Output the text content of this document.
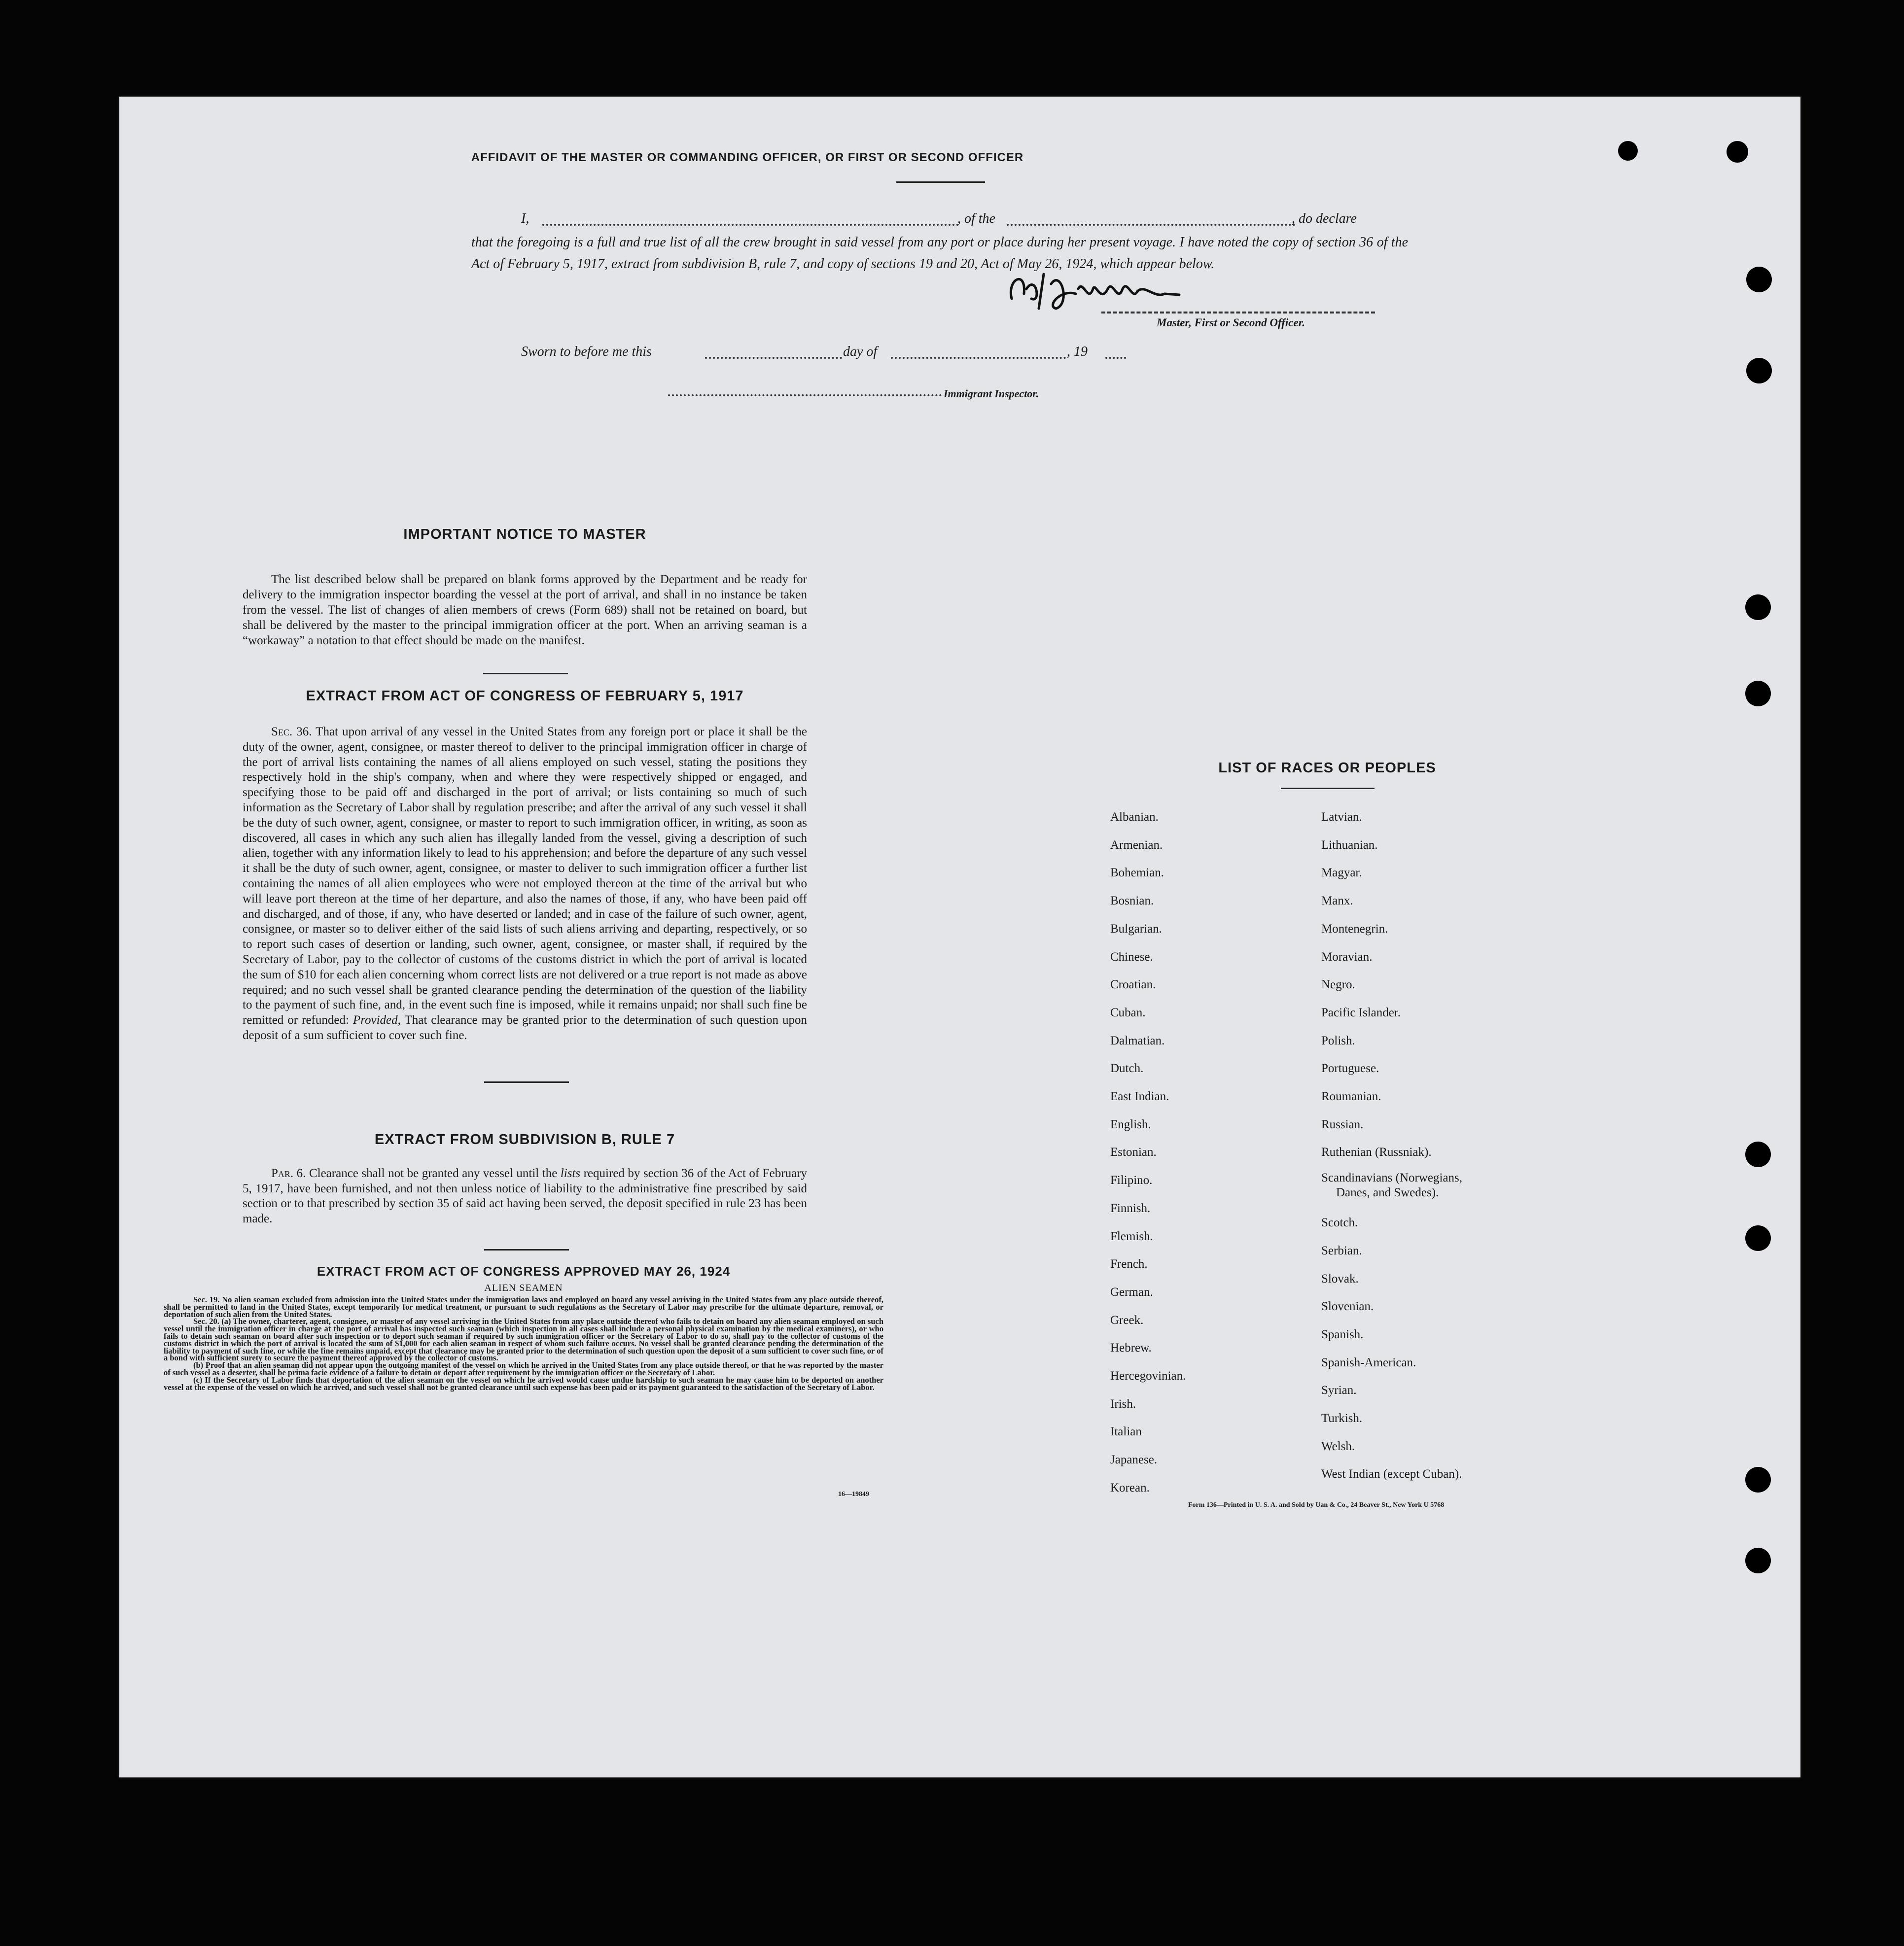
AFFIDAVIT OF THE MASTER OR COMMANDING OFFICER, OR FIRST OR SECOND OFFICER
I,	, of the	, do declare
that the foregoing is a full and true list of all the crew brought in said vessel from any port or place during her present voyage. I have noted the copy of section 36 of the Act of February 5, 1917, extract from subdivision B, rule 7, and copy of sections 19 and 20, Act of May 26, 1924, which appear below.
Master, First or Second Officer.
Sworn to before me this	day of	, 19
Immigrant Inspector.
IMPORTANT NOTICE TO MASTER
The list described below shall be prepared on blank forms approved by the Department and be ready for delivery to the immigration inspector boarding the vessel at the port of arrival, and shall in no instance be taken from the vessel. The list of changes of alien members of crews (Form 689) shall not be retained on board, but shall be delivered by the master to the principal immigration officer at the port. When an arriving seaman is a “workaway” a notation to that effect should be made on the manifest.
EXTRACT FROM ACT OF CONGRESS OF FEBRUARY 5, 1917
Sec. 36. That upon arrival of any vessel in the United States from any foreign port or place it shall be the duty of the owner, agent, consignee, or master thereof to deliver to the principal immigration officer in charge of the port of arrival lists containing the names of all aliens employed on such vessel, stating the positions they respectively hold in the ship's company, when and where they were respectively shipped or engaged, and specifying those to be paid off and discharged in the port of arrival; or lists containing so much of such information as the Secretary of Labor shall by regulation prescribe; and after the arrival of any such vessel it shall be the duty of such owner, agent, consignee, or master to report to such immigration officer, in writing, as soon as discovered, all cases in which any such alien has illegally landed from the vessel, giving a description of such alien, together with any information likely to lead to his apprehension; and before the departure of any such vessel it shall be the duty of such owner, agent, consignee, or master to deliver to such immigration officer a further list containing the names of all alien employees who were not employed thereon at the time of the arrival but who will leave port thereon at the time of her departure, and also the names of those, if any, who have been paid off and discharged, and of those, if any, who have deserted or landed; and in case of the failure of such owner, agent, consignee, or master so to deliver either of the said lists of such aliens arriving and departing, respectively, or so to report such cases of desertion or landing, such owner, agent, consignee, or master shall, if required by the Secretary of Labor, pay to the collector of customs of the customs district in which the port of arrival is located the sum of $10 for each alien concerning whom correct lists are not delivered or a true report is not made as above required; and no such vessel shall be granted clearance pending the determination of the question of the liability to the payment of such fine, and, in the event such fine is imposed, while it remains unpaid; nor shall such fine be remitted or refunded: Provided, That clearance may be granted prior to the determination of such question upon deposit of a sum sufficient to cover such fine.
EXTRACT FROM SUBDIVISION B, RULE 7
Par. 6. Clearance shall not be granted any vessel until the lists required by section 36 of the Act of February 5, 1917, have been furnished, and not then unless notice of liability to the administrative fine prescribed by said section or to that prescribed by section 35 of said act having been served, the deposit specified in rule 23 has been made.
EXTRACT FROM ACT OF CONGRESS APPROVED MAY 26, 1924
ALIEN SEAMEN
Sec. 19. No alien seaman excluded from admission into the United States under the immigration laws and employed on board any vessel arriving in the United States from any place outside thereof, shall be permitted to land in the United States, except temporarily for medical treatment, or pursuant to such regulations as the Secretary of Labor may prescribe for the ultimate departure, removal, or deportation of such alien from the United States.
Sec. 20. (a) The owner, charterer, agent, consignee, or master of any vessel arriving in the United States from any place outside thereof who fails to detain on board any alien seaman employed on such vessel until the immigration officer in charge at the port of arrival has inspected such seaman (which inspection in all cases shall include a personal physical examination by the medical examiners), or who fails to detain such seaman on board after such inspection or to deport such seaman if required by such immigration officer or the Secretary of Labor to do so, shall pay to the collector of customs of the customs district in which the port of arrival is located the sum of $1,000 for each alien seaman in respect of whom such failure occurs. No vessel shall be granted clearance pending the determination of the liability to payment of such fine, or while the fine remains unpaid, except that clearance may be granted prior to the determination of such question upon the deposit of a sum sufficient to cover such fine, or of a bond with sufficient surety to secure the payment thereof approved by the collector of customs.
(b) Proof that an alien seaman did not appear upon the outgoing manifest of the vessel on which he arrived in the United States from any place outside thereof, or that he was reported by the master of such vessel as a deserter, shall be prima facie evidence of a failure to detain or deport after requirement by the immigration officer or the Secretary of Labor.
(c) If the Secretary of Labor finds that deportation of the alien seaman on the vessel on which he arrived would cause undue hardship to such seaman he may cause him to be deported on another vessel at the expense of the vessel on which he arrived, and such vessel shall not be granted clearance until such expense has been paid or its payment guaranteed to the satisfaction of the Secretary of Labor.
16—19849
LIST OF RACES OR PEOPLES
Albanian.
Armenian.
Bohemian.
Bosnian.
Bulgarian.
Chinese.
Croatian.
Cuban.
Dalmatian.
Dutch.
East Indian.
English.
Estonian.
Filipino.
Finnish.
Flemish.
French.
German.
Greek.
Hebrew.
Hercegovinian.
Irish.
Italian
Japanese.
Korean.
Latvian.
Lithuanian.
Magyar.
Manx.
Montenegrin.
Moravian.
Negro.
Pacific Islander.
Polish.
Portuguese.
Roumanian.
Russian.
Ruthenian (Russniak).
Scandinavians (Norwegians,
Danes, and Swedes).
Scotch.
Serbian.
Slovak.
Slovenian.
Spanish.
Spanish-American.
Syrian.
Turkish.
Welsh.
West Indian (except Cuban).
Form 136—Printed in U. S. A. and Sold by Uan & Co., 24 Beaver St., New York U 5768
